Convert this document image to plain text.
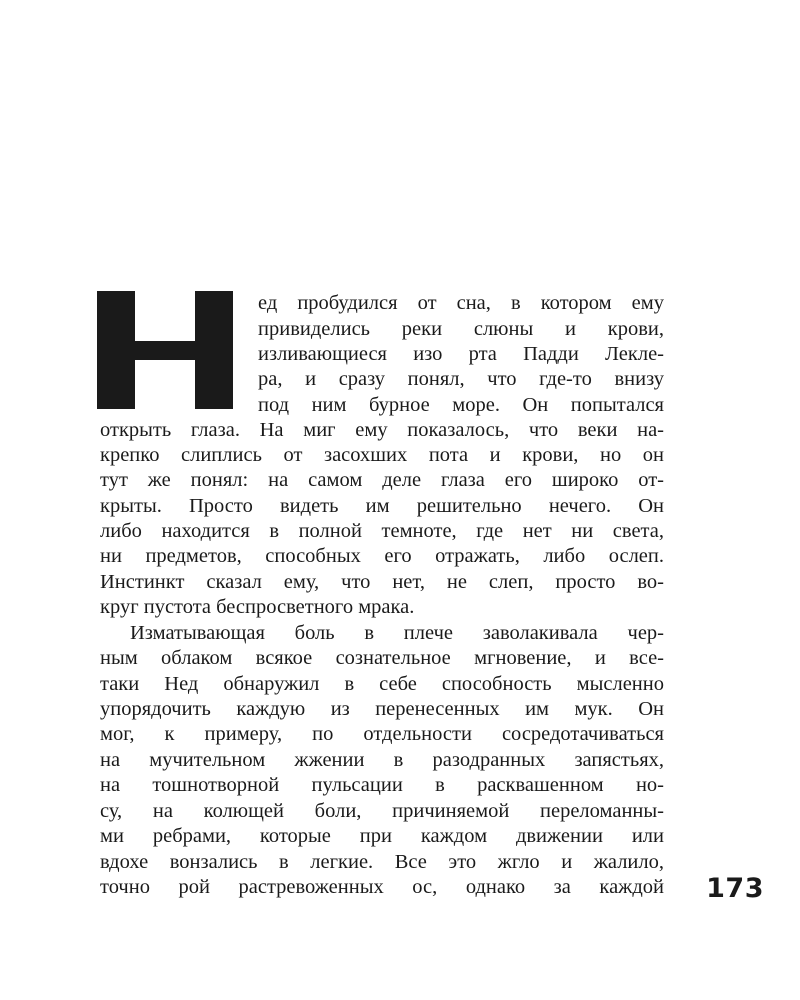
ед пробудился от сна, в котором ему
привиделись реки слюны и крови,
изливающиеся изо рта Падди Леклe-
ра, и сразу понял, что где-то внизу
под ним бурное море. Он попытался
открыть глаза. На миг ему показалось, что веки на-
крепко слиплись от засохших пота и крови, но он
тут же понял: на самом деле глаза его широко от-
крыты. Просто видеть им решительно нечего. Он
либо находится в полной темноте, где нет ни света,
ни предметов, способных его отражать, либо ослеп.
Инстинкт сказал ему, что нет, не слеп, просто во-
круг пустота беспросветного мрака.
Изматывающая боль в плече заволакивала чер-
ным облаком всякое сознательное мгновение, и все-
таки Нед обнаружил в себе способность мысленно
упорядочить каждую из перенесенных им мук. Он
мог, к примеру, по отдельности сосредотачиваться
на мучительном жжении в разодранных запястьях,
на тошнотворной пульсации в расквашенном но-
су, на колющей боли, причиняемой переломанны-
ми ребрами, которые при каждом движении или
вдохе вонзались в легкие. Все это жгло и жалило,
точно рой растревоженных ос, однако за каждой 173
